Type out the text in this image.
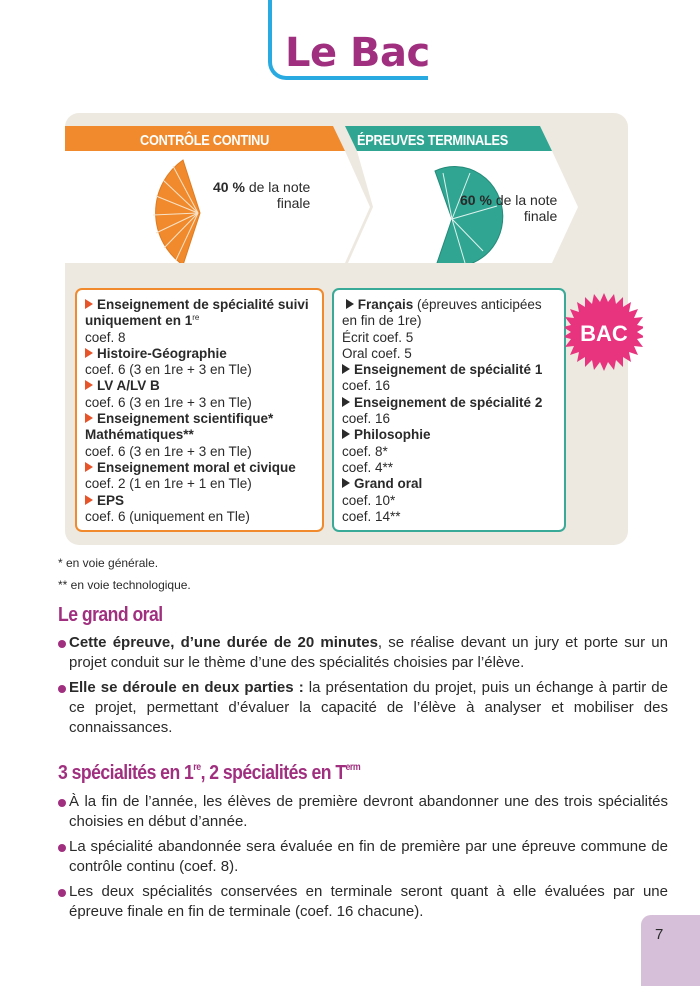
Le Bac
CONTRÔLE CONTINU	ÉPREUVES TERMINALES
40 % de la note
finale	60 % de la note
finale
Enseignement de spécialité suivi uniquement en 1re
coef. 8
Histoire-Géographie
coef. 6 (3 en 1re + 3 en Tle)
LV A/LV B
coef. 6 (3 en 1re + 3 en Tle)
Enseignement scientifique* Mathématiques**
coef. 6 (3 en 1re + 3 en Tle)
Enseignement moral et civique
coef. 2 (1 en 1re + 1 en Tle)
EPS
coef. 6 (uniquement en Tle)
Français (épreuves anticipées en fin de 1re)
Écrit coef. 5
Oral coef. 5
Enseignement de spécialité 1
coef. 16
Enseignement de spécialité 2
coef. 16
Philosophie
coef. 8*
coef. 4**
Grand oral
coef. 10*
coef. 14**
BAC
* en voie générale.
** en voie technologique.
Le grand oral
Cette épreuve, d’une durée de 20 minutes, se réalise devant un jury et porte sur un projet conduit sur le thème d’une des spécialités choisies par l’élève.
Elle se déroule en deux parties : la présentation du projet, puis un échange à partir de ce projet, permettant d’évaluer la capacité de l’élève à analyser et mobiliser des connaissances.
3 spécialités en 1re, 2 spécialités en $T^{erm}$
À la fin de l’année, les élèves de première devront abandonner une des trois spécialités choisies en début d’année.
La spécialité abandonnée sera évaluée en fin de première par une épreuve commune de contrôle continu (coef. 8).
Les deux spécialités conservées en terminale seront quant à elle évaluées par une épreuve finale en fin de terminale (coef. 16 chacune).
7
